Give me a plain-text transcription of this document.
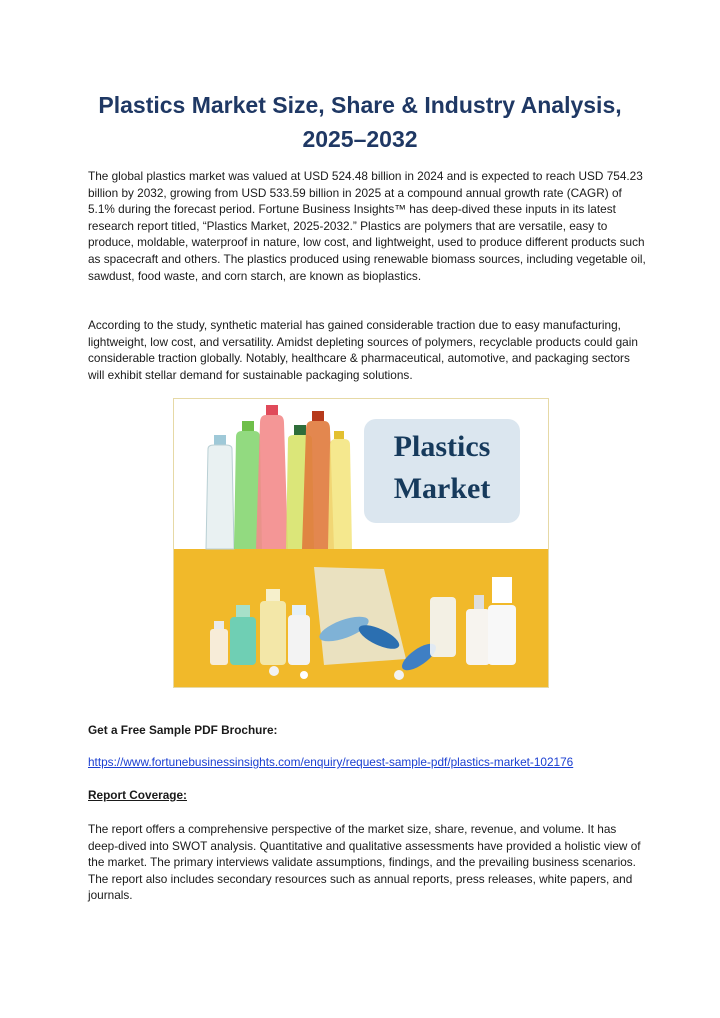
Plastics Market Size, Share & Industry Analysis,
2025–2032

The global plastics market was valued at USD 524.48 billion in 2024 and is expected to reach USD 754.23 billion by 2032, growing from USD 533.59 billion in 2025 at a compound annual growth rate (CAGR) of 5.1% during the forecast period. Fortune Business Insights™ has deep-dived these inputs in its latest research report titled, “Plastics Market, 2025-2032.” Plastics are polymers that are versatile, easy to produce, moldable, waterproof in nature, low cost, and lightweight, used to produce different products such as spacecraft and others. The plastics produced using renewable biomass sources, including vegetable oil, sawdust, food waste, and corn starch, are known as bioplastics.

According to the study, synthetic material has gained considerable traction due to easy manufacturing, lightweight, low cost, and versatility. Amidst depleting sources of polymers, recyclable products could gain considerable traction globally. Notably, healthcare & pharmaceutical, automotive, and packaging sectors will exhibit stellar demand for sustainable packaging solutions.

Plastics
Market

Get a Free Sample PDF Brochure:

https://www.fortunebusinessinsights.com/enquiry/request-sample-pdf/plastics-market-102176

Report Coverage:

The report offers a comprehensive perspective of the market size, share, revenue, and volume. It has deep-dived into SWOT analysis. Quantitative and qualitative assessments have provided a holistic view of the market. The primary interviews validate assumptions, findings, and the prevailing business scenarios. The report also includes secondary resources such as annual reports, press releases, white papers, and journals.
